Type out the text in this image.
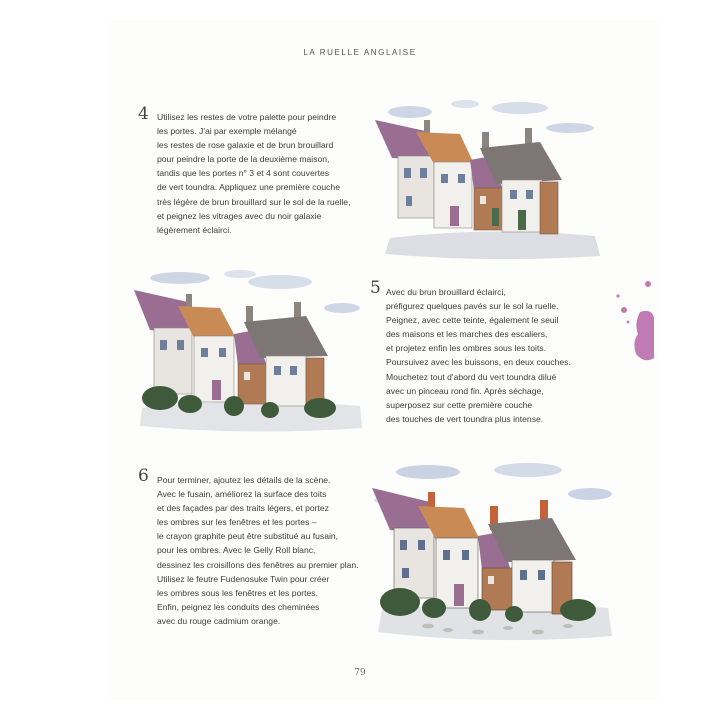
LA RUELLE ANGLAISE
4 Utilisez les restes de votre palette pour peindre

les portes. J'ai par exemple mélangé

les restes de rose galaxie et de brun brouillard

pour peindre la porte de la deuxième maison,

tandis que les portes n° 3 et 4 sont couvertes

de vert toundra. Appliquez une première couche

très légère de brun brouillard sur le sol de la ruelle,

et peignez les vitrages avec du noir galaxie

légèrement éclairci.

5 Avec du brun brouillard éclairci,

préfigurez quelques pavés sur le sol la ruelle.

Peignez, avec cette teinte, également le seuil

des maisons et les marches des escaliers,

et projetez enfin les ombres sous les toits.

Poursuivez avec les buissons, en deux couches.

Mouchetez tout d'abord du vert toundra dilué

avec un pinceau rond fin. Après séchage,

superposez sur cette première couche

des touches de vert toundra plus intense.

6 Pour terminer, ajoutez les détails de la scène.

Avec le fusain, améliorez la surface des toits

et des façades par des traits légers, et portez

les ombres sur les fenêtres et les portes –

le crayon graphite peut être substitué au fusain,

pour les ombres. Avec le Gelly Roll blanc,

dessinez les croisillons des fenêtres au premier plan.

Utilisez le feutre Fudenosuke Twin pour créer

les ombres sous les fenêtres et les portes.

Enfin, peignez les conduits des cheminées

avec du rouge cadmium orange.

79
